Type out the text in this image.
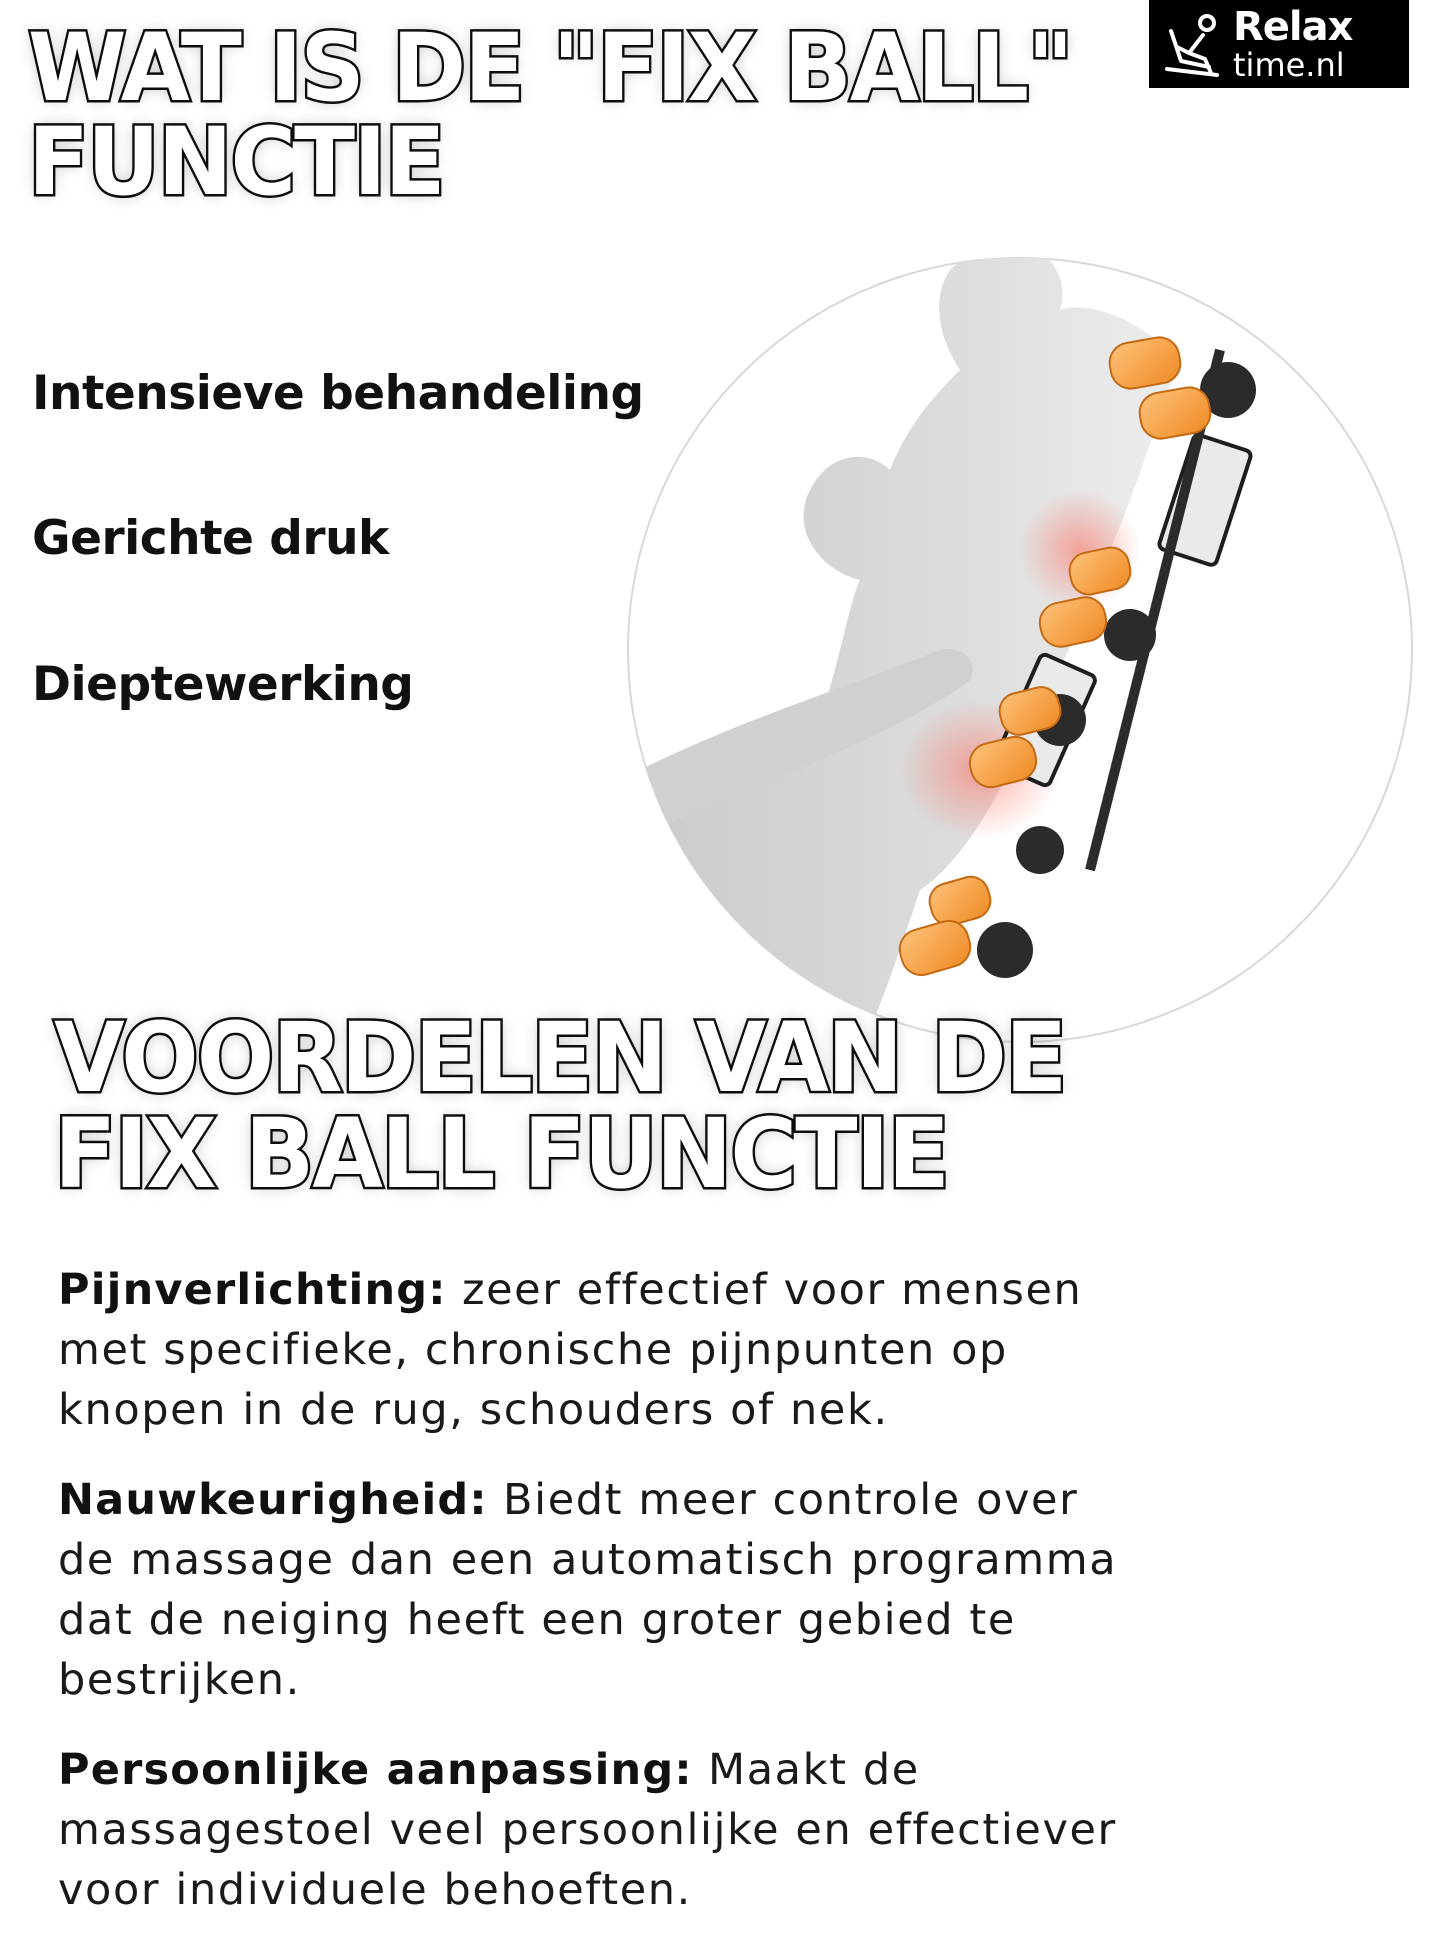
WAT IS DE "FIX BALL"
FUNCTIE
Relax
time.nl

Intensieve behandeling

Gerichte druk

Dieptewerking

VOORDELEN VAN DE
FIX BALL FUNCTIE

Pijnverlichting: zeer effectief voor mensen met specifieke, chronische pijnpunten op knopen in de rug, schouders of nek.

Nauwkeurigheid: Biedt meer controle over de massage dan een automatisch programma dat de neiging heeft een groter gebied te bestrijken.

Persoonlijke aanpassing: Maakt de massagestoel veel persoonlijke en effectiever voor individuele behoeften.
